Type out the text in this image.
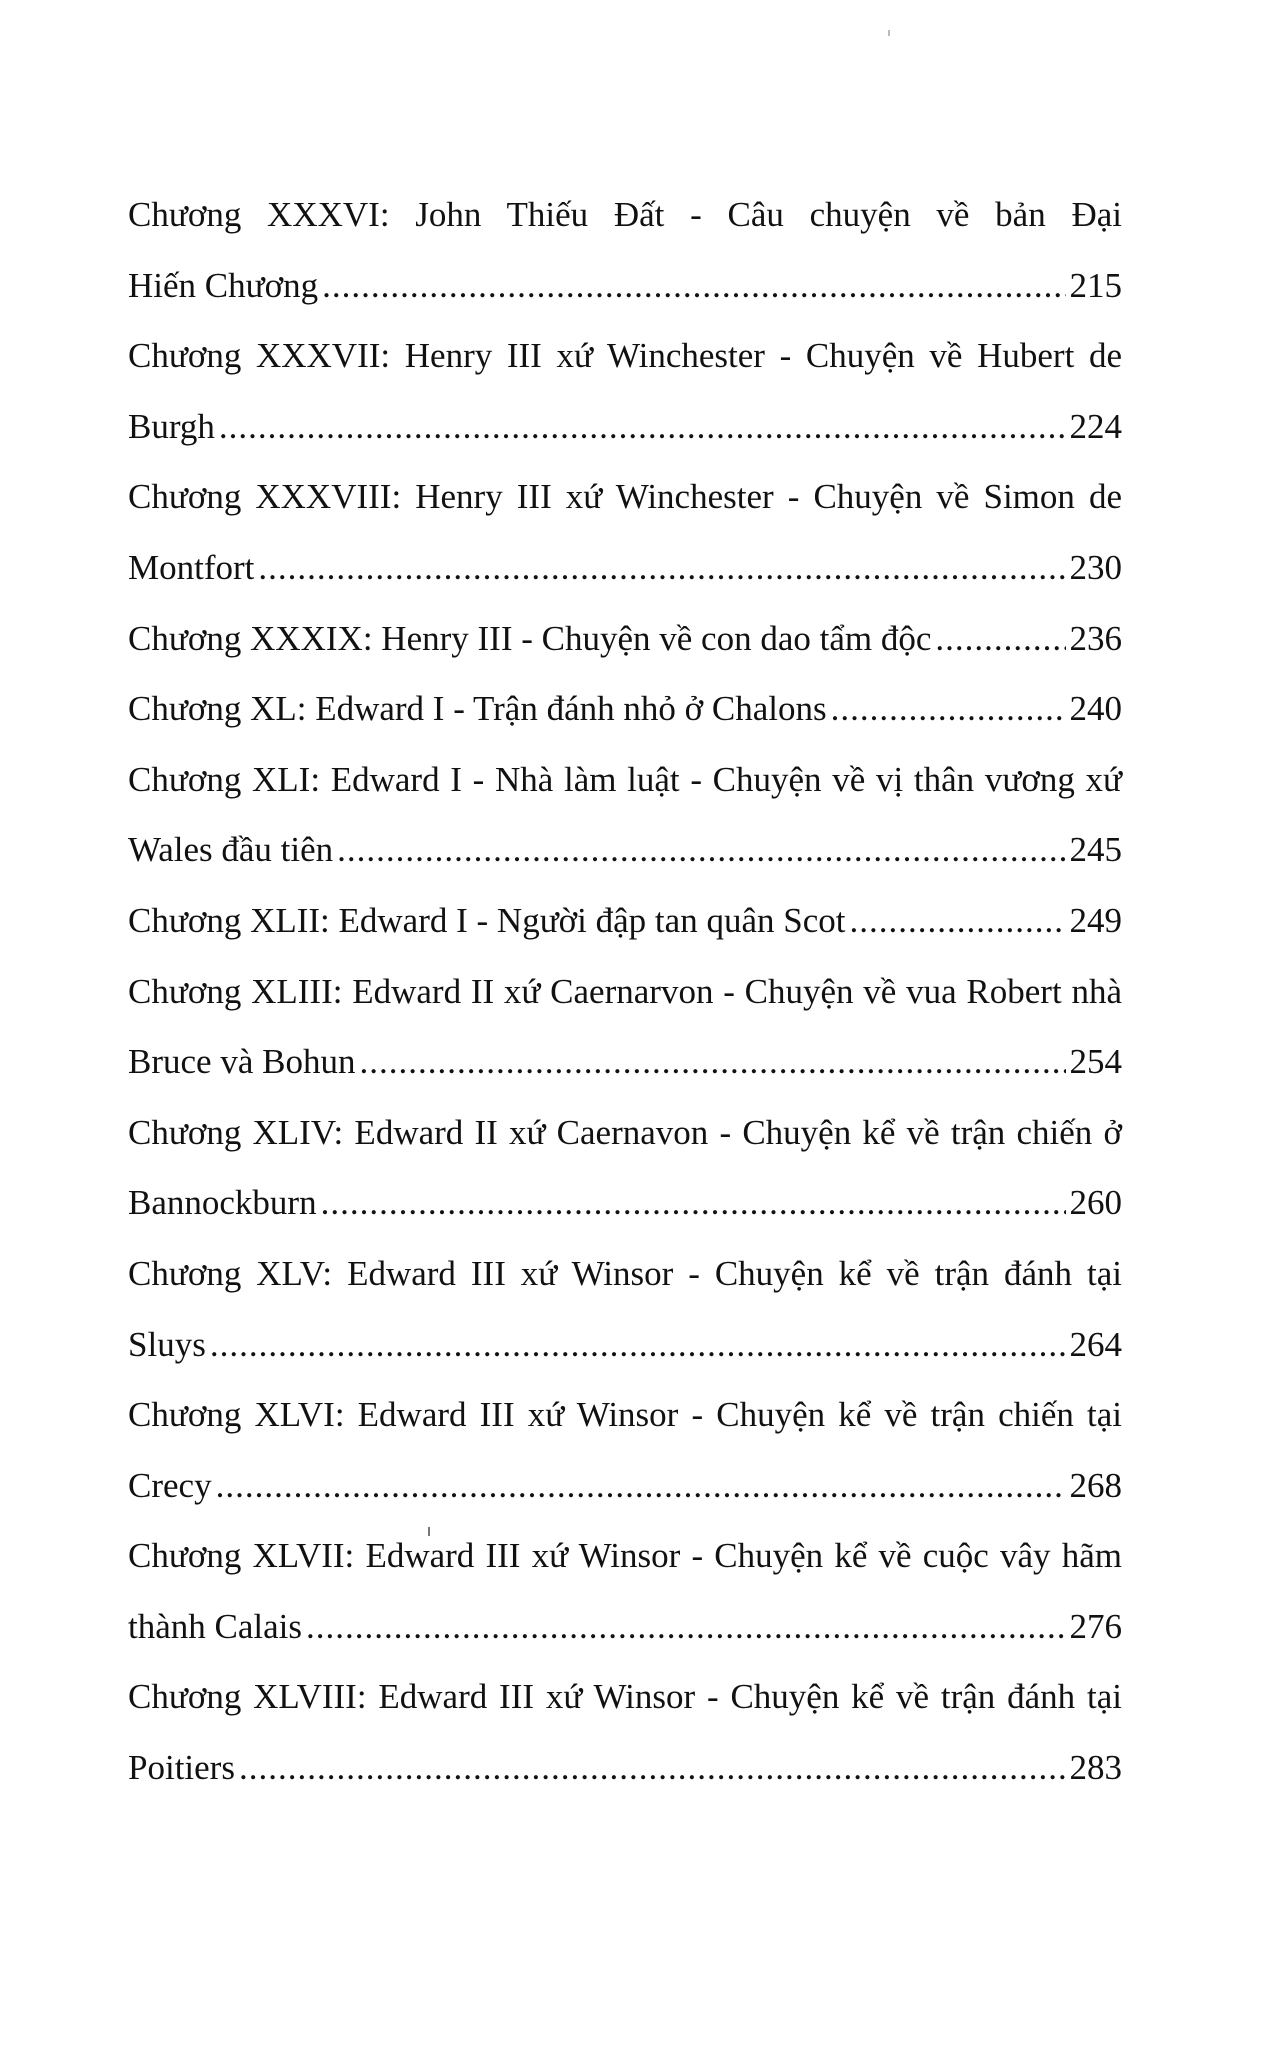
Chương XXXVI: John Thiếu Đất - Câu chuyện về bản Đại
Hiến Chương .....	215
Chương XXXVII: Henry III xứ Winchester - Chuyện về Hubert de
Burgh .....	224
Chương XXXVIII: Henry III xứ Winchester - Chuyện về Simon de
Montfort .....	230
Chương XXXIX: Henry III - Chuyện về con dao tẩm độc .....	236
Chương XL: Edward I - Trận đánh nhỏ ở Chalons .....	240
Chương XLI: Edward I - Nhà làm luật - Chuyện về vị thân vương xứ
Wales đầu tiên .....	245
Chương XLII: Edward I - Người đập tan quân Scot .....	249
Chương XLIII: Edward II xứ Caernarvon - Chuyện về vua Robert nhà
Bruce và Bohun .....	254
Chương XLIV: Edward II xứ Caernavon - Chuyện kể về trận chiến ở
Bannockburn .....	260
Chương XLV: Edward III xứ Winsor - Chuyện kể về trận đánh tại
Sluys .....	264
Chương XLVI: Edward III xứ Winsor - Chuyện kể về trận chiến tại
Crecy .....	268
Chương XLVII: Edward III xứ Winsor - Chuyện kể về cuộc vây hãm
thành Calais .....	276
Chương XLVIII: Edward III xứ Winsor - Chuyện kể về trận đánh tại
Poitiers .....	283
